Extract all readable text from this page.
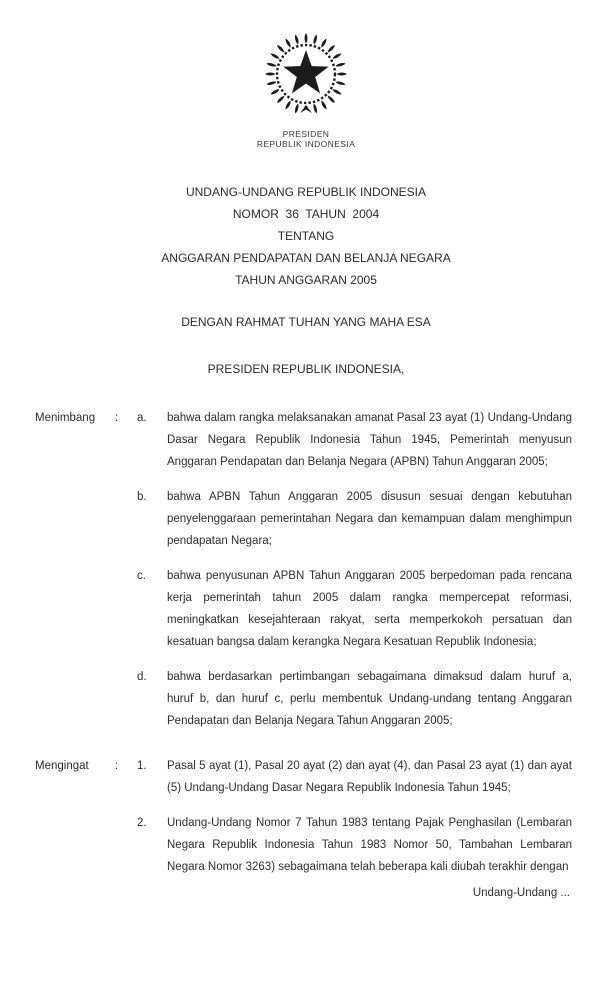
PRESIDEN
REPUBLIK INDONESIA
UNDANG-UNDANG REPUBLIK INDONESIA
NOMOR  36  TAHUN  2004
TENTANG
ANGGARAN PENDAPATAN DAN BELANJA NEGARA
TAHUN ANGGARAN 2005
DENGAN RAHMAT TUHAN YANG MAHA ESA
PRESIDEN REPUBLIK INDONESIA,
Menimbang	:	a.	bahwa dalam rangka melaksanakan amanat Pasal 23 ayat (1) Undang-Undang Dasar Negara Republik Indonesia Tahun 1945, Pemerintah menyusun Anggaran Pendapatan dan Belanja Negara (APBN) Tahun Anggaran 2005;
b.	bahwa APBN Tahun Anggaran 2005 disusun sesuai dengan kebutuhan penyelenggaraan pemerintahan Negara dan kemampuan dalam menghimpun pendapatan Negara;
c.	bahwa penyusunan APBN Tahun Anggaran 2005 berpedoman pada rencana kerja pemerintah tahun 2005 dalam rangka mempercepat reformasi, meningkatkan kesejahteraan rakyat, serta memperkokoh persatuan dan kesatuan bangsa dalam kerangka Negara Kesatuan Republik Indonesia;
d.	bahwa berdasarkan pertimbangan sebagaimana dimaksud dalam huruf a, huruf b, dan huruf c, perlu membentuk Undang-undang tentang Anggaran Pendapatan dan Belanja Negara Tahun Anggaran 2005;
Mengingat	:	1.	Pasal 5 ayat (1), Pasal 20 ayat (2) dan ayat (4), dan Pasal 23 ayat (1) dan ayat (5) Undang-Undang Dasar Negara Republik Indonesia Tahun 1945;
2.	Undang-Undang Nomor 7 Tahun 1983 tentang Pajak Penghasilan (Lembaran Negara Republik Indonesia Tahun 1983 Nomor 50, Tambahan Lembaran Negara Nomor 3263) sebagaimana telah beberapa kali diubah terakhir dengan
Undang-Undang ...
